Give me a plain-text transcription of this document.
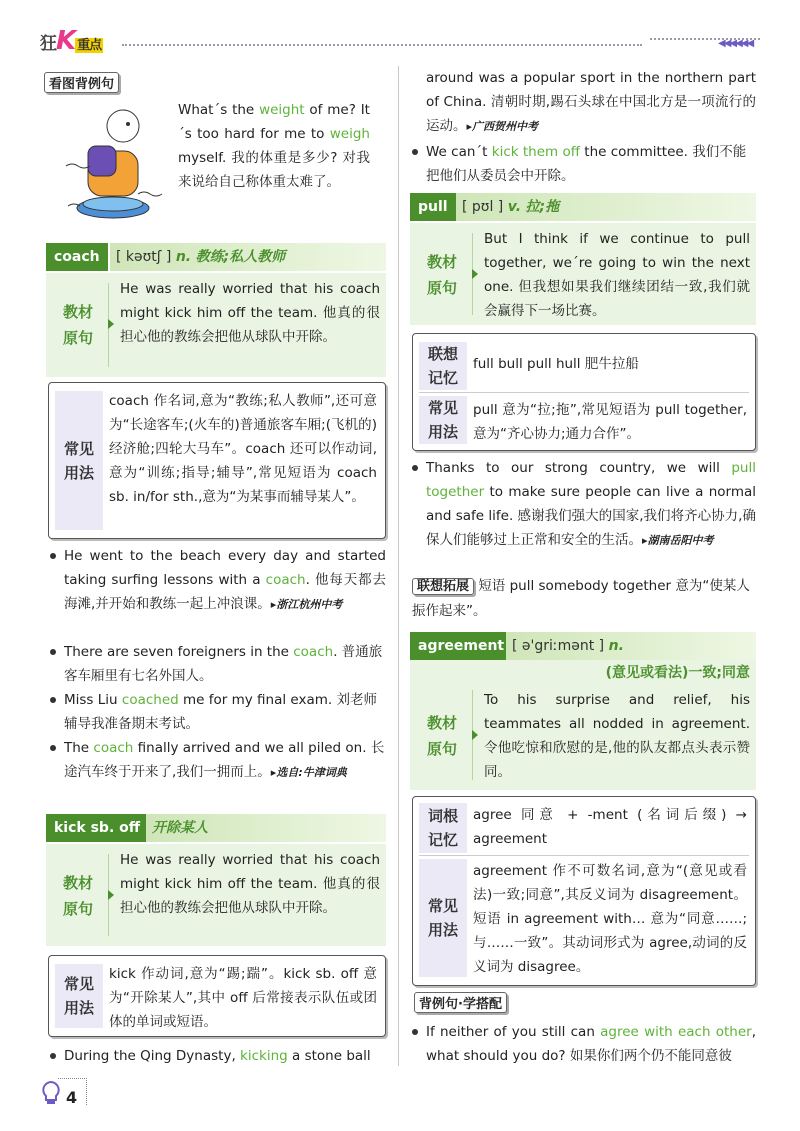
狂K 重点	◀◀◀◀◀◀
看图背例句
What´s the weight of me? It´s too hard for me to weigh myself. 我的体重是多少? 对我来说给自己称体重太难了。
coach	[ kəʊtʃ ] n. 教练;私人教师
教材
原句
He was really worried that his coach might kick him off the team. 他真的很担心他的教练会把他从球队中开除。
常见
用法
coach 作名词,意为“教练;私人教师”,还可意为“长途客车;(火车的)普通旅客车厢;(飞机的)经济舱;四轮大马车”。coach 还可以作动词,意为“训练;指导;辅导”,常见短语为 coach sb. in/for sth.,意为“为某事而辅导某人”。
He went to the beach every day and started taking surfing lessons with a coach. 他每天都去海滩,并开始和教练一起上冲浪课。▸浙江杭州中考
There are seven foreigners in the coach. 普通旅客车厢里有七名外国人。
Miss Liu coached me for my final exam. 刘老师辅导我准备期末考试。
The coach finally arrived and we all piled on. 长途汽车终于开来了,我们一拥而上。▸选自:牛津词典
kick sb. off 开除某人
教材
原句
He was really worried that his coach might kick him off the team. 他真的很担心他的教练会把他从球队中开除。
常见
用法
kick 作动词,意为“踢;踹”。kick sb. off 意为“开除某人”,其中 off 后常接表示队伍或团体的单词或短语。
During the Qing Dynasty, kicking a stone ball
around was a popular sport in the northern part of China. 清朝时期,踢石头球在中国北方是一项流行的运动。▸广西贺州中考
We can´t kick them off the committee. 我们不能把他们从委员会中开除。
pull	[ pʊl ] v. 拉;拖
教材
原句
But I think if we continue to pull together, we´re going to win the next one. 但我想如果我们继续团结一致,我们就会赢得下一场比赛。
联想
记忆
full bull pull hull 肥牛拉船
常见
用法
pull 意为“拉;拖”,常见短语为 pull together,意为“齐心协力;通力合作”。
Thanks to our strong country, we will pull together to make sure people can live a normal and safe life. 感谢我们强大的国家,我们将齐心协力,确保人们能够过上正常和安全的生活。▸湖南岳阳中考
联想拓展 短语 pull somebody together 意为“使某人振作起来”。
agreement [ ə'griːmənt ] n.
(意见或看法)一致;同意
教材
原句
To his surprise and relief, his teammates all nodded in agreement. 令他吃惊和欣慰的是,他的队友都点头表示赞同。
词根
记忆
agree 同意 + -ment (名词后缀) → agreement
常见
用法
agreement 作不可数名词,意为“(意见或看法)一致;同意”,其反义词为 disagreement。短语 in agreement with… 意为“同意……;与……一致”。其动词形式为 agree,动词的反义词为 disagree。
背例句·学搭配
If neither of you still can agree with each other, what should you do? 如果你们两个仍不能同意彼
4
